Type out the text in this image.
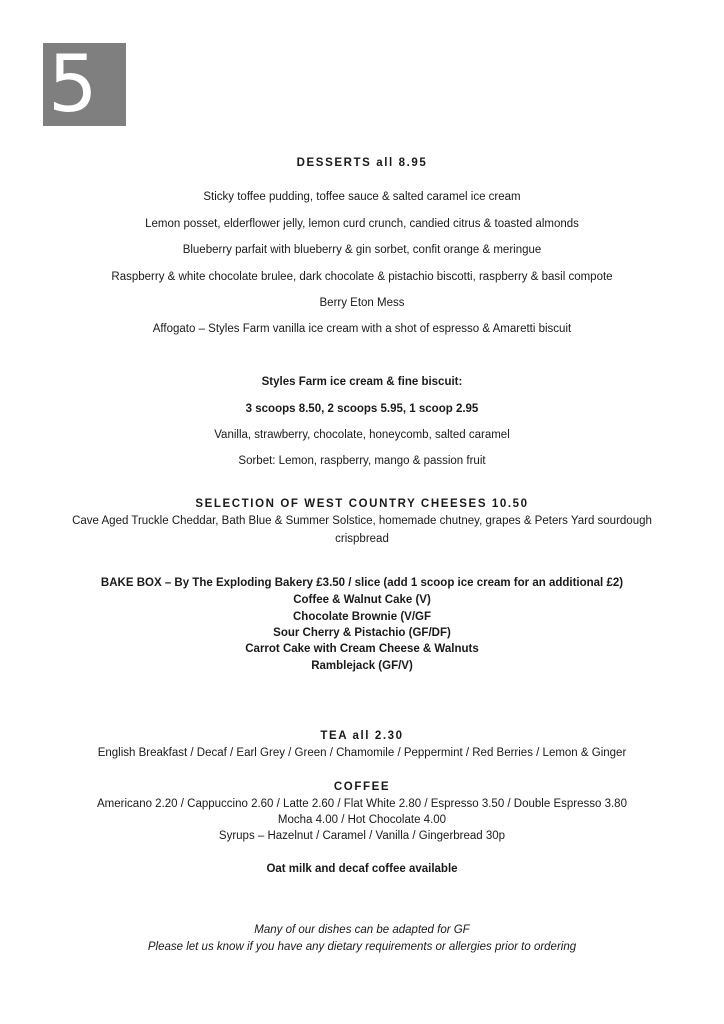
5	DIALS
DESSERTS all 8.95
Sticky toffee pudding, toffee sauce & salted caramel ice cream
Lemon posset, elderflower jelly, lemon curd crunch, candied citrus & toasted almonds
Blueberry parfait with blueberry & gin sorbet, confit orange & meringue
Raspberry & white chocolate brulee, dark chocolate & pistachio biscotti, raspberry & basil compote
Berry Eton Mess
Affogato – Styles Farm vanilla ice cream with a shot of espresso & Amaretti biscuit
Styles Farm ice cream & fine biscuit:
3 scoops 8.50, 2 scoops 5.95, 1 scoop 2.95
Vanilla, strawberry, chocolate, honeycomb, salted caramel
Sorbet: Lemon, raspberry, mango & passion fruit
SELECTION OF WEST COUNTRY CHEESES 10.50
Cave Aged Truckle Cheddar, Bath Blue & Summer Solstice, homemade chutney, grapes & Peters Yard sourdough
crispbread
BAKE BOX – By The Exploding Bakery £3.50 / slice (add 1 scoop ice cream for an additional £2)
Coffee & Walnut Cake (V)
Chocolate Brownie (V/GF
Sour Cherry & Pistachio (GF/DF)
Carrot Cake with Cream Cheese & Walnuts
Ramblejack (GF/V)
TEA all 2.30
English Breakfast / Decaf / Earl Grey / Green / Chamomile / Peppermint / Red Berries / Lemon & Ginger
COFFEE
Americano 2.20 / Cappuccino 2.60 / Latte 2.60 / Flat White 2.80 / Espresso 3.50 / Double Espresso 3.80
Mocha 4.00 / Hot Chocolate 4.00
Syrups – Hazelnut / Caramel / Vanilla / Gingerbread 30p
Oat milk and decaf coffee available
Many of our dishes can be adapted for GF
Please let us know if you have any dietary requirements or allergies prior to ordering
